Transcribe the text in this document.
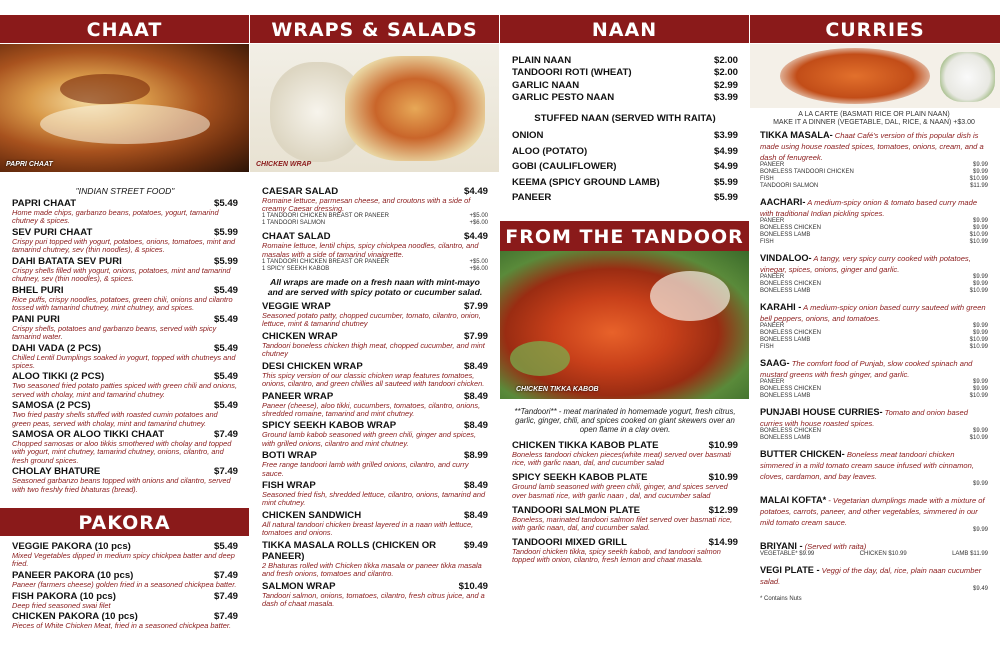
CHAAT
PAPRI CHAAT
"INDIAN STREET FOOD"
PAPRI CHAAT	$5.49
Home made chips, garbanzo beans, potatoes, yogurt, tamarind chutney & spices.
SEV PURI CHAAT	$5.99
Crispy puri topped with yogurt, potatoes, onions, tomatoes, mint and tamarind chutney, sev (thin noodles), & spices.
DAHI BATATA SEV PURI	$5.99
Crispy shells filled with yogurt, onions, potatoes, mint and tamarind chutney, sev (thin noodles), & spices.
BHEL PURI	$5.49
Rice puffs, crispy noodles, potatoes, green chili, onions and cilantro tossed with tamarind chutney, mint chutney, and spices.
PANI PURI	$5.49
Crispy shells, potatoes and garbanzo beans, served with spicy tamarind water.
DAHI VADA (2 PCS)	$5.49
Chilled Lentil Dumplings soaked in yogurt, topped with chutneys and spices.
ALOO TIKKI (2 PCS)	$5.49
Two seasoned fried potato patties spiced with green chili and onions, served with cholay, mint and tamarind chutney.
SAMOSA (2 PCS)	$5.49
Two fried pastry shells stuffed with roasted cumin potatoes and green peas, served with cholay, mint and tamarind chutney.
SAMOSA OR ALOO TIKKI CHAAT	$7.49
Chopped samosas or aloo tikkis smothered with cholay and topped with yogurt, mint chutney, tamarind chutney, onions, cilantro, and fresh ground spices.
CHOLAY BHATURE	$7.49
Seasoned garbanzo beans topped with onions and cilantro, served with two freshly fried bhaturas (bread).
PAKORA
VEGGIE PAKORA (10 pcs)	$5.49
Mixed Vegetables dipped in medium spicy chickpea batter and deep fried.
PANEER PAKORA (10 pcs)	$7.49
Paneer (farmers cheese) golden fried in a seasoned chickpea batter.
FISH PAKORA (10 pcs)	$7.49
Deep fried seasoned swai filet
CHICKEN PAKORA (10 pcs)	$7.49
Pieces of White Chicken Meat, fried in a seasoned chickpea batter.
WRAPS & SALADS
CHICKEN WRAP
CAESAR SALAD	$4.49
Romaine lettuce, parmesan cheese, and croutons with a side of creamy Caesar dressing.
1 TANDOORI CHICKEN BREAST OR PANEER	+$5.00
1 TANDOORI SALMON	+$6.00
CHAAT SALAD	$4.49
Romaine lettuce, lentil chips, spicy chickpea noodles, cilantro, and masalas with a side of tamarind vinaigrette.
1 TANDOORI CHICKEN BREAST OR PANEER	+$5.00
1 SPICY SEEKH KABOB	+$6.00
All wraps are made on a fresh naan with mint-mayo and are served with spicy potato or cucumber salad.
VEGGIE WRAP	$7.99
Seasoned potato patty, chopped cucumber, tomato, cilantro, onion, lettuce, mint & tamarind chutney
CHICKEN WRAP	$7.99
Tandoori boneless chicken thigh meat, chopped cucumber, and mint chutney
DESI CHICKEN WRAP	$8.49
This spicy version of our classic chicken wrap features tomatoes, onions, cilantro, and green chillies all sauteed with tandoori chicken.
PANEER WRAP	$8.49
Paneer (cheese), aloo tikki, cucumbers, tomatoes, cilantro, onions, shredded romaine, tamarind and mint chutney.
SPICY SEEKH KABOB WRAP	$8.49
Ground lamb kabob seasoned with green chili, ginger and spices, with grilled onions, cilantro and mint chutney.
BOTI WRAP	$8.99
Free range tandoori lamb with grilled onions, cilantro, and curry sauce.
FISH WRAP	$8.49
Seasoned fried fish, shredded lettuce, cilantro, onions, tamarind and mint chutney.
CHICKEN SANDWICH	$8.49
All natural tandoori chicken breast layered in a naan with lettuce, tomatoes and onions.
TIKKA MASALA ROLLS (CHICKEN OR PANEER)
$9.49
2 Bhaturas rolled with Chicken tikka masala or paneer tikka masala and fresh onions, tomatoes and cilantro.
SALMON WRAP	$10.49
Tandoori salmon, onions, tomatoes, cilantro, fresh citrus juice, and a dash of chaat masala.
NAAN
PLAIN NAAN	$2.00
TANDOORI ROTI (WHEAT)	$2.00
GARLIC NAAN	$2.99
GARLIC PESTO NAAN	$3.99
STUFFED NAAN (SERVED WITH RAITA)
ONION	$3.99
ALOO (POTATO)	$4.99
GOBI (CAULIFLOWER)	$4.99
KEEMA (SPICY GROUND LAMB)	$5.99
PANEER	$5.99
FROM THE TANDOOR
CHICKEN TIKKA KABOB
**Tandoori** - meat marinated in homemade yogurt, fresh citrus, garlic, ginger, chili, and spices cooked on giant skewers over an open flame in a clay oven.
CHICKEN TIKKA KABOB PLATE	$10.99
Boneless tandoori chicken pieces(white meat) served over basmati rice, with garlic naan, dal, and cucumber salad
SPICY SEEKH KABOB PLATE	$10.99
Ground lamb seasoned with green chili, ginger, and spices served over basmati rice, with garlic naan , dal, and cucumber salad
TANDOORI SALMON PLATE	$12.99
Boneless, marinated tandoori salmon filet served over basmati rice, with garlic naan, dal, and cucumber salad.
TANDOORI MIXED GRILL	$14.99
Tandoori chicken tikka, spicy seekh kabob, and tandoori salmon topped with onion, cilantro, fresh lemon and chaat masala.
CURRIES

A LA CARTE (BASMATI RICE OR PLAIN NAAN)

MAKE IT A DINNER (VEGETABLE, DAL, RICE, & NAAN) +$3.00

TIKKA MASALA- Chaat Café's version of this popular dish is made using house roasted spices, tomatoes, onions, cream, and a dash of fenugreek.

PANEER	$9.99
BONELESS TANDOORI CHICKEN	$9.99
FISH	$10.99
TANDOORI SALMON	$11.99

AACHARI- A medium-spicy onion & tomato based curry made with traditional Indian pickling spices.

PANEER	$9.99
BONELESS CHICKEN	$9.99
BONELESS LAMB	$10.99
FISH	$10.99

VINDALOO- A tangy, very spicy curry cooked with potatoes, vinegar, spices, onions, ginger and garlic.

PANEER	$9.99
BONELESS CHICKEN	$9.99
BONELESS LAMB	$10.99

KARAHI - A medium-spicy onion based curry sauteed with green bell peppers, onions, and tomatoes.

PANEER	$9.99
BONELESS CHICKEN	$9.99
BONELESS LAMB	$10.99
FISH	$10.99

SAAG- The comfort food of Punjab, slow cooked spinach and mustard greens with fresh ginger, and garlic.

PANEER	$9.99
BONELESS CHICKEN	$9.99
BONELESS LAMB	$10.99

PUNJABI HOUSE CURRIES- Tomato and onion based curries with house roasted spices.

BONELESS CHICKEN	$9.99
BONELESS LAMB	$10.99

BUTTER CHICKEN- Boneless meat tandoori chicken simmered in a mild tomato cream sauce infused with cinnamon, cloves, cardamon, and bay leaves.

$9.99

MALAI KOFTA* - Vegetarian dumplings made with a mixture of potatoes, carrots, paneer, and other vegetables, simmered in our mild tomato cream sauce.

$9.99

BRIYANI - (Served with raita)

VEGETABLE* $9.99	CHICKEN $10.99	LAMB $11.99

VEGI PLATE - Veggi of the day, dal, rice, plain naan cucumber salad.

$9.49
* Contains Nuts
